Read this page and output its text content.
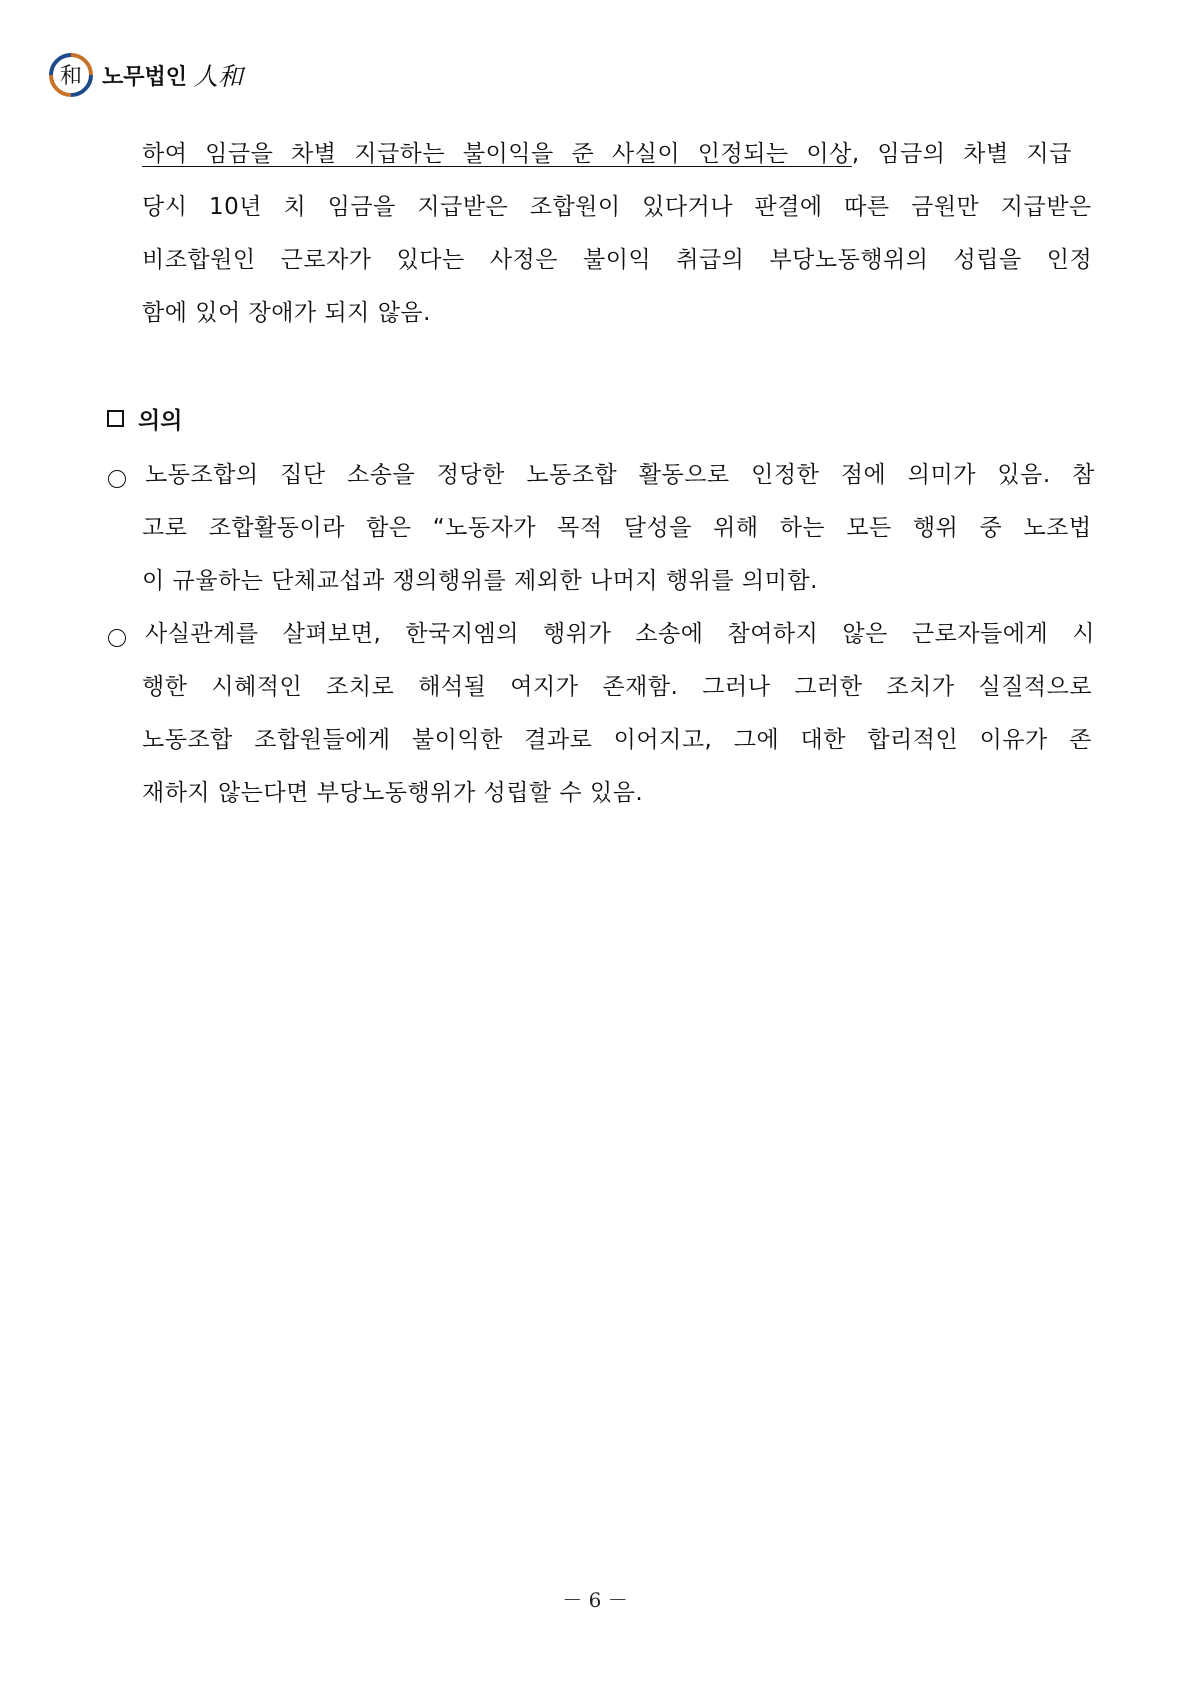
和 노무법인 人和
하여 임금을 차별 지급하는 불이익을 준 사실이 인정되는 이상, 임금의 차별 지급
당시 10년 치 임금을 지급받은 조합원이 있다거나 판결에 따른 금원만 지급받은
비조합원인 근로자가 있다는 사정은 불이익 취급의 부당노동행위의 성립을 인정
함에 있어 장애가 되지 않음.
의의
노동조합의 집단 소송을 정당한 노동조합 활동으로 인정한 점에 의미가 있음. 참
고로 조합활동이라 함은 “노동자가 목적 달성을 위해 하는 모든 행위 중 노조법
이 규율하는 단체교섭과 쟁의행위를 제외한 나머지 행위를 의미함.
사실관계를 살펴보면, 한국지엠의 행위가 소송에 참여하지 않은 근로자들에게 시
행한 시혜적인 조치로 해석될 여지가 존재함. 그러나 그러한 조치가 실질적으로
노동조합 조합원들에게 불이익한 결과로 이어지고, 그에 대한 합리적인 이유가 존
재하지 않는다면 부당노동행위가 성립할 수 있음.
－ 6 －
